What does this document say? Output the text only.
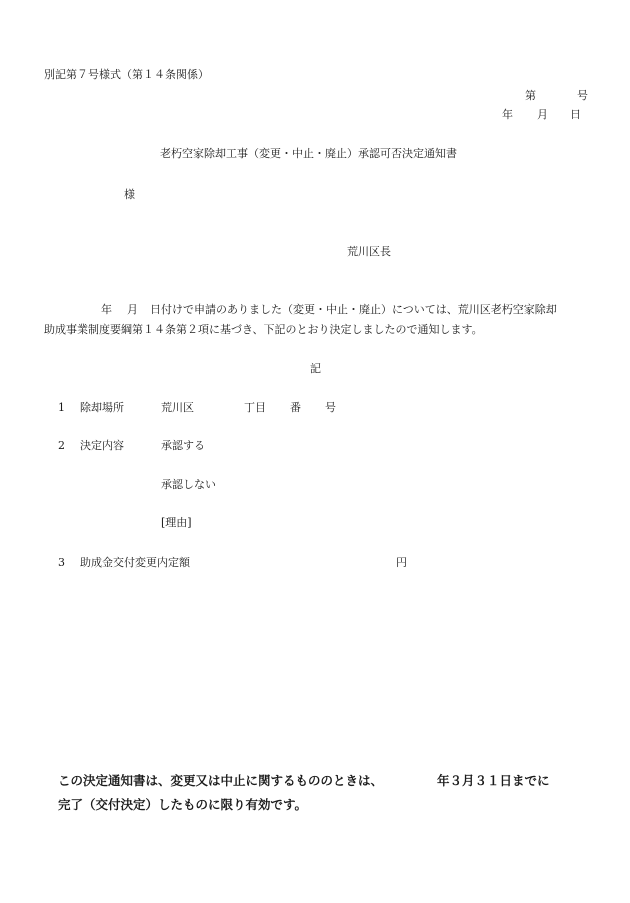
別記第７号様式（第１４条関係）
第	号
年 月 日
老朽空家除却工事（変更・中止・廃止）承認可否決定通知書
様
荒川区長
年 月 日付けで申請のありました（変更・中止・廃止）については、荒川区老朽空家除却
助成事業制度要綱第１４条第２項に基づき、下記のとおり決定しましたので通知します。
記
1 除却場所	荒川区	丁目 番 号
2 決定内容	承認する
承認しない
[理由]
3 助成金交付変更内定額	円
この決定通知書は、変更又は中止に関するもののときは、	年３月３１日までに
完了（交付決定）したものに限り有効です。
